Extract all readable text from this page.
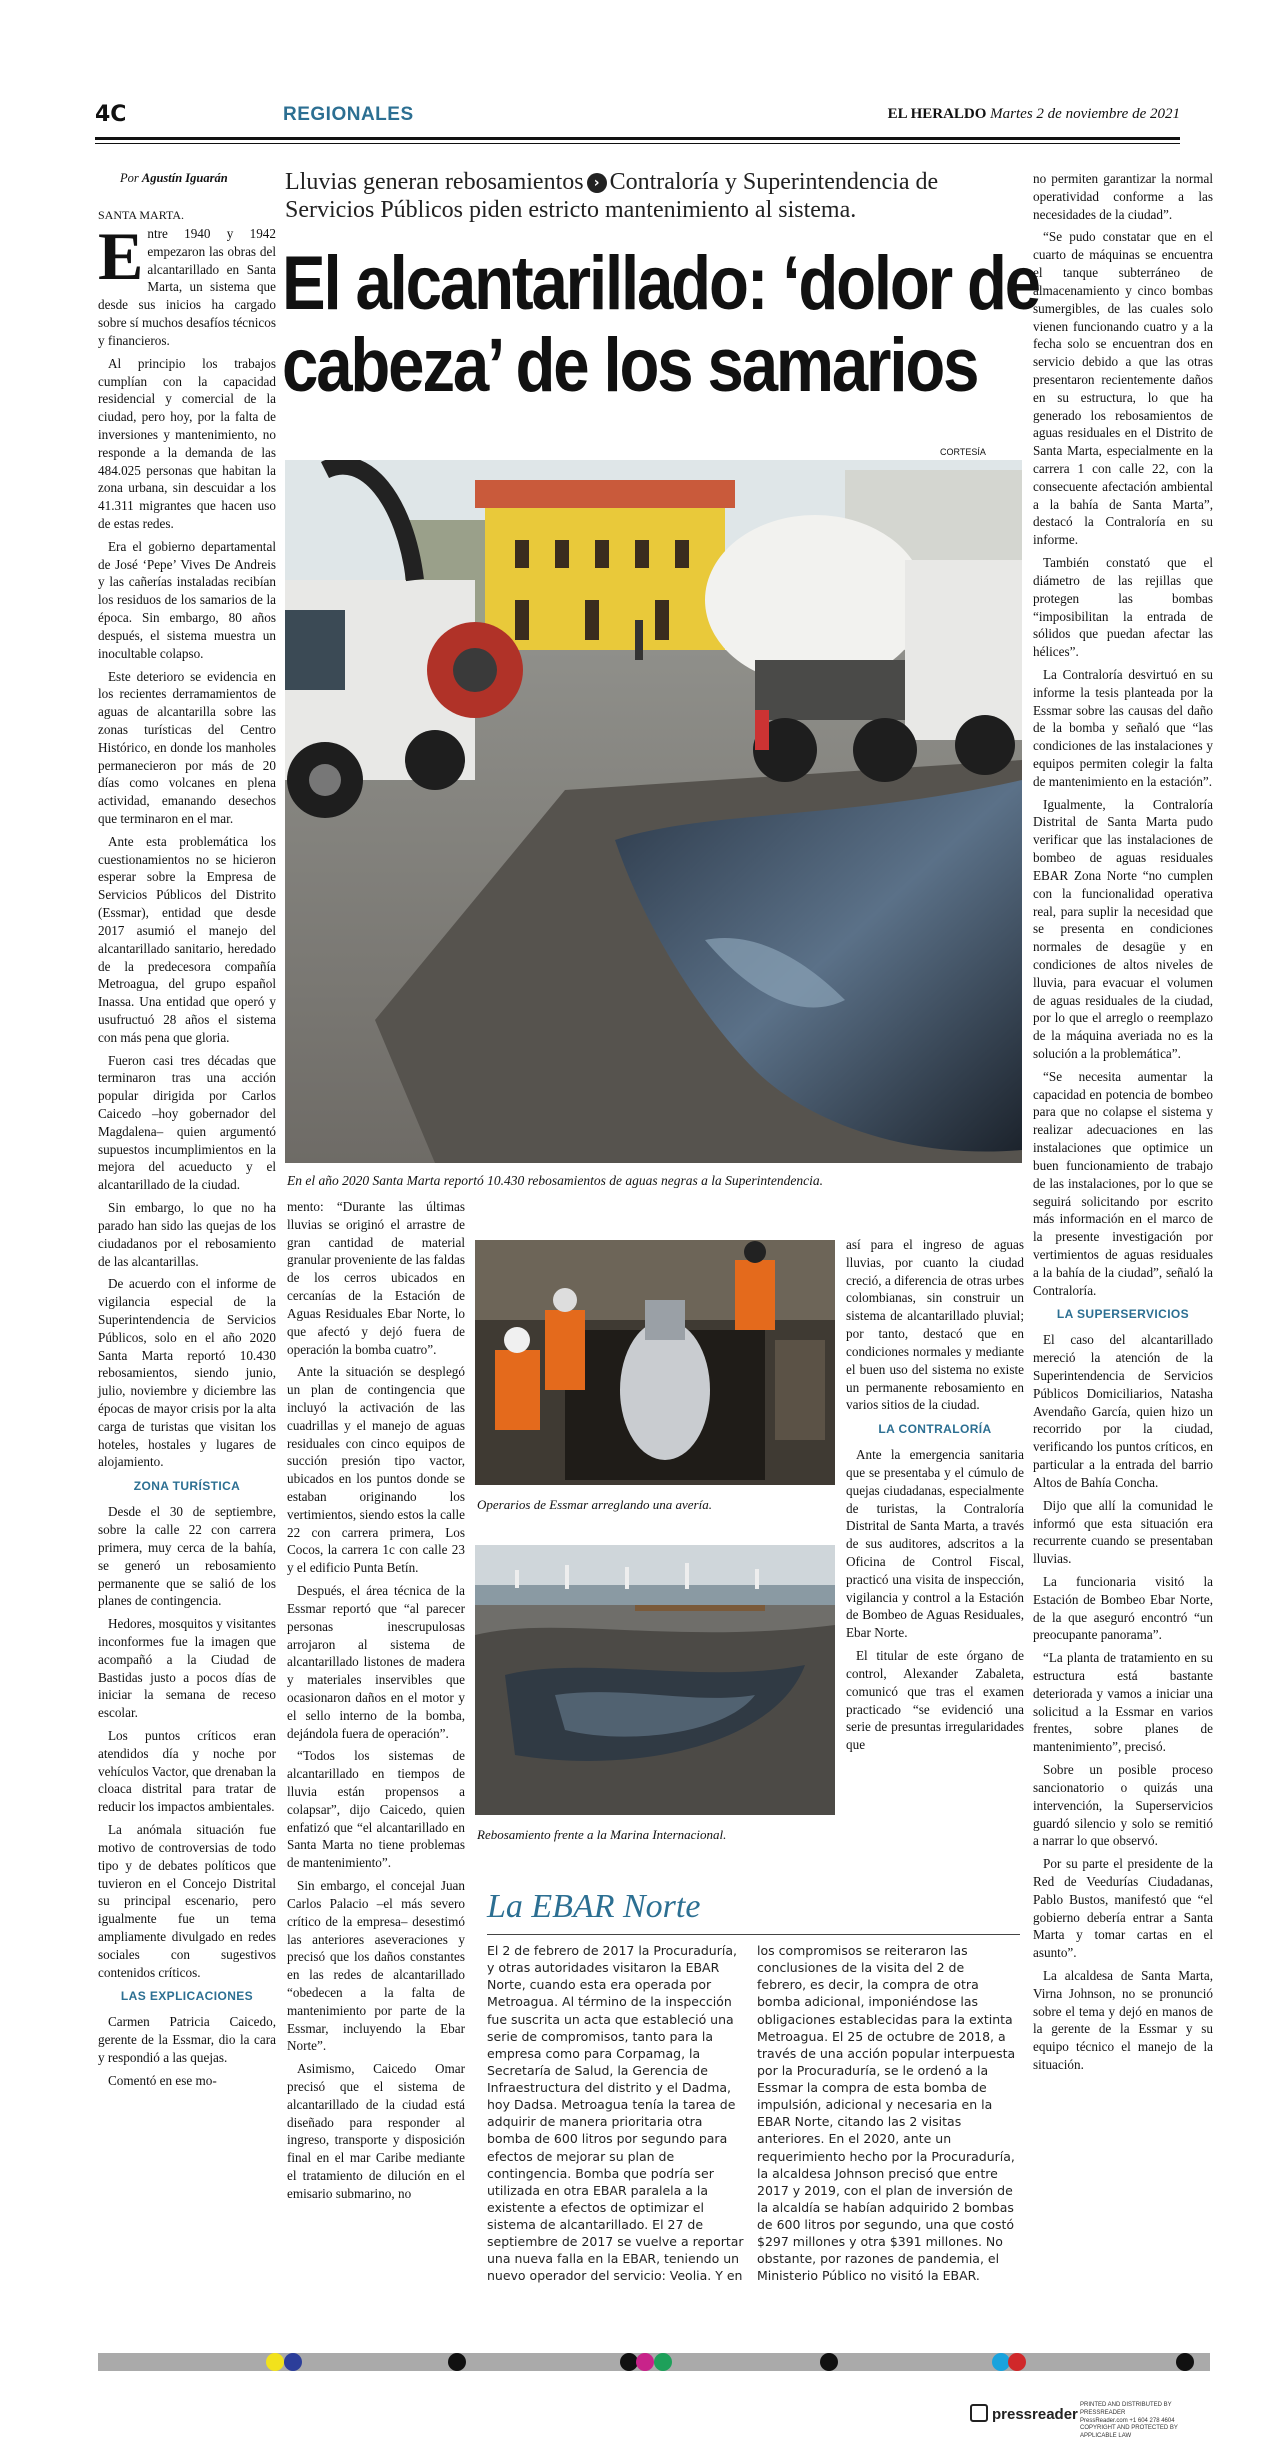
4C	REGIONALES	EL HERALDO Martes 2 de noviembre de 2021
Por Agustín Iguarán
SANTA MARTA.

Entre 1940 y 1942 empezaron las obras del alcantarillado en Santa Marta, un sistema que desde sus inicios ha cargado sobre sí muchos desafíos técnicos y financieros.

Al principio los trabajos cumplían con la capacidad residencial y comercial de la ciudad, pero hoy, por la falta de inversiones y mantenimiento, no responde a la demanda de las 484.025 personas que habitan la zona urbana, sin descuidar a los 41.311 migrantes que hacen uso de estas redes.

Era el gobierno departamental de José ‘Pepe’ Vives De Andreis y las cañerías instaladas recibían los residuos de los samarios de la época. Sin embargo, 80 años después, el sistema muestra un inocultable colapso.

Este deterioro se evidencia en los recientes derramamientos de aguas de alcantarilla sobre las zonas turísticas del Centro Histórico, en donde los manholes permanecieron por más de 20 días como volcanes en plena actividad, emanando desechos que terminaron en el mar.

Ante esta problemática los cuestionamientos no se hicieron esperar sobre la Empresa de Servicios Públicos del Distrito (Essmar), entidad que desde 2017 asumió el manejo del alcantarillado sanitario, heredado de la predecesora compañía Metroagua, del grupo español Inassa. Una entidad que operó y usufructuó 28 años el sistema con más pena que gloria.

Fueron casi tres décadas que terminaron tras una acción popular dirigida por Carlos Caicedo –hoy gobernador del Magdalena– quien argumentó supuestos incumplimientos en la mejora del acueducto y el alcantarillado de la ciudad.

Sin embargo, lo que no ha parado han sido las quejas de los ciudadanos por el rebosamiento de las alcantarillas.

De acuerdo con el informe de vigilancia especial de la Superintendencia de Servicios Públicos, solo en el año 2020 Santa Marta reportó 10.430 rebosamientos, siendo junio, julio, noviembre y diciembre las épocas de mayor crisis por la alta carga de turistas que visitan los hoteles, hostales y lugares de alojamiento.

ZONA TURÍSTICA

Desde el 30 de septiembre, sobre la calle 22 con carrera primera, muy cerca de la bahía, se generó un rebosamiento permanente que se salió de los planes de contingencia.

Hedores, mosquitos y visitantes inconformes fue la imagen que acompañó a la Ciudad de Bastidas justo a pocos días de iniciar la semana de receso escolar.

Los puntos críticos eran atendidos día y noche por vehículos Vactor, que drenaban la cloaca distrital para tratar de reducir los impactos ambientales.

La anómala situación fue motivo de controversias de todo tipo y de debates políticos que tuvieron en el Concejo Distrital su principal escenario, pero igualmente fue un tema ampliamente divulgado en redes sociales con sugestivos contenidos críticos.

LAS EXPLICACIONES

Carmen Patricia Caicedo, gerente de la Essmar, dio la cara y respondió a las quejas.

Comentó en ese mo-

Lluvias generan rebosamientos › Contraloría y Superintendencia de Servicios Públicos piden estricto mantenimiento al sistema.
El alcantarillado: ‘dolor de
cabeza’ de los samarios
CORTESÍA
En el año 2020 Santa Marta reportó 10.430 rebosamientos de aguas negras a la Superintendencia.

mento: “Durante las últimas lluvias se originó el arrastre de gran cantidad de material granular proveniente de las faldas de los cerros ubicados en cercanías de la Estación de Aguas Residuales Ebar Norte, lo que afectó y dejó fuera de operación la bomba cuatro”.

Ante la situación se desplegó un plan de contingencia que incluyó la activación de las cuadrillas y el manejo de aguas residuales con cinco equipos de succión presión tipo vactor, ubicados en los puntos donde se estaban originando los vertimientos, siendo estos la calle 22 con carrera primera, Los Cocos, la carrera 1c con calle 23 y el edificio Punta Betín.

Después, el área técnica de la Essmar reportó que “al parecer personas inescrupulosas arrojaron al sistema de alcantarillado listones de madera y materiales inservibles que ocasionaron daños en el motor y el sello interno de la bomba, dejándola fuera de operación”.

“Todos los sistemas de alcantarillado en tiempos de lluvia están propensos a colapsar”, dijo Caicedo, quien enfatizó que “el alcantarillado en Santa Marta no tiene problemas de mantenimiento”.

Sin embargo, el concejal Juan Carlos Palacio –el más severo crítico de la empresa– desestimó las anteriores aseveraciones y precisó que los daños constantes en las redes de alcantarillado “obedecen a la falta de mantenimiento por parte de la Essmar, incluyendo la Ebar Norte”.

Asimismo, Caicedo Omar precisó que el sistema de alcantarillado de la ciudad está diseñado para responder al ingreso, transporte y disposición final en el mar Caribe mediante el tratamiento de dilución en el emisario submarino, no

Operarios de Essmar arreglando una avería.
Rebosamiento frente a la Marina Internacional.

así para el ingreso de aguas lluvias, por cuanto la ciudad creció, a diferencia de otras urbes colombianas, sin construir un sistema de alcantarillado pluvial; por tanto, destacó que en condiciones normales y mediante el buen uso del sistema no existe un permanente rebosamiento en varios sitios de la ciudad.

LA CONTRALORÍA

Ante la emergencia sanitaria que se presentaba y el cúmulo de quejas ciudadanas, especialmente de turistas, la Contraloría Distrital de Santa Marta, a través de sus auditores, adscritos a la Oficina de Control Fiscal, practicó una visita de inspección, vigilancia y control a la Estación de Bombeo de Aguas Residuales, Ebar Norte.

El titular de este órgano de control, Alexander Zabaleta, comunicó que tras el examen practicado “se evidenció una serie de presuntas irregularidades que

La EBAR Norte

El 2 de febrero de 2017 la Procuraduría, y otras autoridades visitaron la EBAR Norte, cuando esta era operada por Metroagua. Al término de la inspección fue suscrita un acta que estableció una serie de compromisos, tanto para la empresa como para Corpamag, la Secretaría de Salud, la Gerencia de Infraestructura del distrito y el Dadma, hoy Dadsa. Metroagua tenía la tarea de adquirir de manera prioritaria otra bomba de 600 litros por segundo para efectos de mejorar su plan de contingencia. Bomba que podría ser utilizada en otra EBAR paralela a la existente a efectos de optimizar el sistema de alcantarillado. El 27 de septiembre de 2017 se vuelve a reportar una nueva falla en la EBAR, teniendo un nuevo operador del servicio: Veolia. Y en

los compromisos se reiteraron las conclusiones de la visita del 2 de febrero, es decir, la compra de otra bomba adicional, imponiéndose las obligaciones establecidas para la extinta Metroagua. El 25 de octubre de 2018, a través de una acción popular interpuesta por la Procuraduría, se le ordenó a la Essmar la compra de esta bomba de impulsión, adicional y necesaria en la EBAR Norte, citando las 2 visitas anteriores. En el 2020, ante un requerimiento hecho por la Procuraduría, la alcaldesa Johnson precisó que entre 2017 y 2019, con el plan de inversión de la alcaldía se habían adquirido 2 bombas de 600 litros por segundo, una que costó $297 millones y otra $391 millones. No obstante, por razones de pandemia, el Ministerio Público no visitó la EBAR.

no permiten garantizar la normal operatividad conforme a las necesidades de la ciudad”.

“Se pudo constatar que en el cuarto de máquinas se encuentra el tanque subterráneo de almacenamiento y cinco bombas sumergibles, de las cuales solo vienen funcionando cuatro y a la fecha solo se encuentran dos en servicio debido a que las otras presentaron recientemente daños en su estructura, lo que ha generado los rebosamientos de aguas residuales en el Distrito de Santa Marta, especialmente en la carrera 1 con calle 22, con la consecuente afectación ambiental a la bahía de Santa Marta”, destacó la Contraloría en su informe.

También constató que el diámetro de las rejillas que protegen las bombas “imposibilitan la entrada de sólidos que puedan afectar las hélices”.

La Contraloría desvirtuó en su informe la tesis planteada por la Essmar sobre las causas del daño de la bomba y señaló que “las condiciones de las instalaciones y equipos permiten colegir la falta de mantenimiento en la estación”.

Igualmente, la Contraloría Distrital de Santa Marta pudo verificar que las instalaciones de bombeo de aguas residuales EBAR Zona Norte “no cumplen con la funcionalidad operativa real, para suplir la necesidad que se presenta en condiciones normales de desagüe y en condiciones de altos niveles de lluvia, para evacuar el volumen de aguas residuales de la ciudad, por lo que el arreglo o reemplazo de la máquina averiada no es la solución a la problemática”.

“Se necesita aumentar la capacidad en potencia de bombeo para que no colapse el sistema y realizar adecuaciones en las instalaciones que optimice un buen funcionamiento de trabajo de las instalaciones, por lo que se seguirá solicitando por escrito más información en el marco de la presente investigación por vertimientos de aguas residuales a la bahía de la ciudad”, señaló la Contraloría.

LA SUPERSERVICIOS

El caso del alcantarillado mereció la atención de la Superintendencia de Servicios Públicos Domiciliarios, Natasha Avendaño García, quien hizo un recorrido por la ciudad, verificando los puntos críticos, en particular a la entrada del barrio Altos de Bahía Concha.

Dijo que allí la comunidad le informó que esta situación era recurrente cuando se presentaban lluvias.

La funcionaria visitó la Estación de Bombeo Ebar Norte, de la que aseguró encontró “un preocupante panorama”.

“La planta de tratamiento en su estructura está bastante deteriorada y vamos a iniciar una solicitud a la Essmar en varios frentes, sobre planes de mantenimiento”, precisó.

Sobre un posible proceso sancionatorio o quizás una intervención, la Superservicios guardó silencio y solo se remitió a narrar lo que observó.

Por su parte el presidente de la Red de Veedurías Ciudadanas, Pablo Bustos, manifestó que “el gobierno debería entrar a Santa Marta y tomar cartas en el asunto”.

La alcaldesa de Santa Marta, Virna Johnson, no se pronunció sobre el tema y dejó en manos de la gerente de la Essmar y su equipo técnico el manejo de la situación.

pressreader
PRINTED AND DISTRIBUTED BY PRESSREADER
PressReader.com +1 604 278 4604
COPYRIGHT AND PROTECTED BY APPLICABLE LAW
